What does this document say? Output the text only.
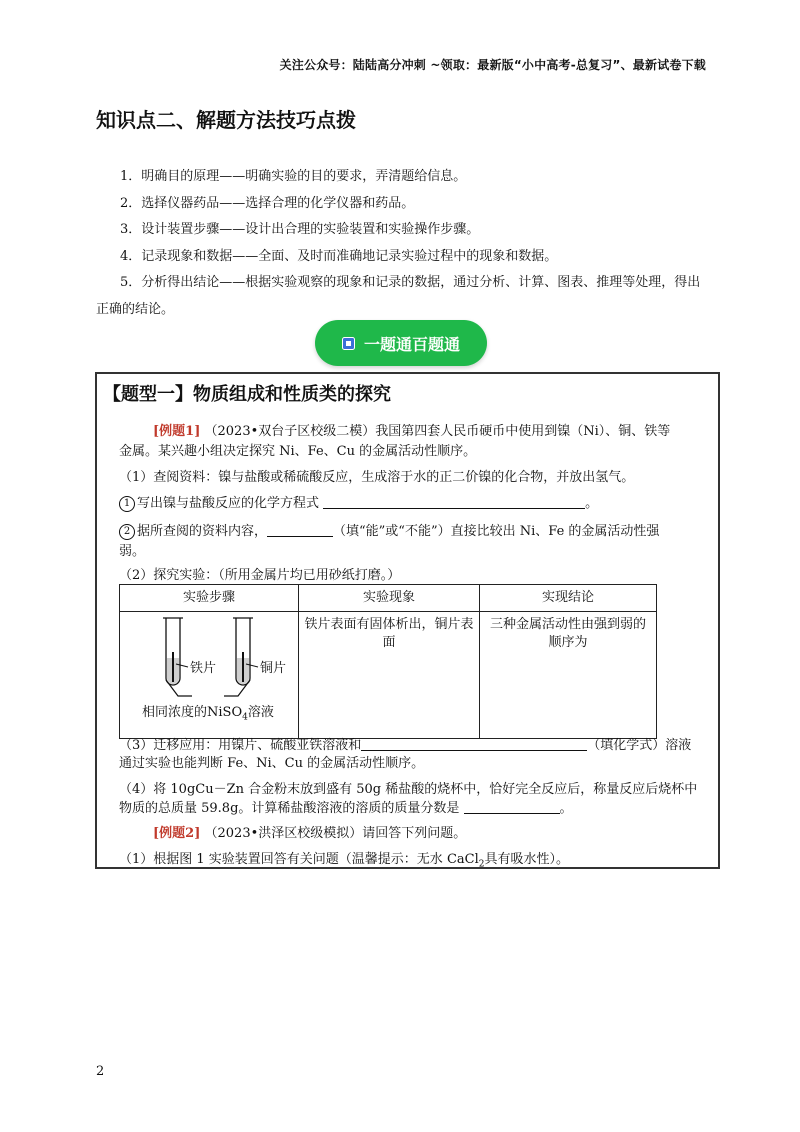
关注公众号：陆陆高分冲刺 ~领取：最新版“小中高考-总复习”、最新试卷下载
知识点二、解题方法技巧点拨

1．明确目的原理——明确实验的目的要求，弄清题给信息。

2．选择仪器药品——选择合理的化学仪器和药品。

3．设计装置步骤——设计出合理的实验装置和实验操作步骤。

4．记录现象和数据——全面、及时而准确地记录实验过程中的现象和数据。

5．分析得出结论——根据实验观察的现象和记录的数据，通过分析、计算、图表、推理等处理，得出正确的结论。

一题通百题通
【题型一】物质组成和性质类的探究
[例题1] （2023•双台子区校级二模）我国第四套人民币硬币中使用到镍（Ni）、铜、铁等
金属。某兴趣小组决定探究 Ni、Fe、Cu 的金属活动性顺序。
（1）查阅资料：镍与盐酸或稀硫酸反应，生成溶于水的正二价镍的化合物，并放出氢气。
1 写出镍与盐酸反应的化学方程式	。
2 据所查阅的资料内容，	（填“能”或“不能”）直接比较出 Ni、Fe 的金属活动性强
弱。
（2）探究实验：（所用金属片均已用砂纸打磨。）
实验步骤	实验现象	实现结论

铁片 铜片
相同浓度的NiSO$_4$溶液	铁片表面有固体析出，铜片表面	三种金属活动性由强到弱的顺序为
（3）迁移应用：用镍片、硫酸亚铁溶液和	（填化学式）溶液
通过实验也能判断 Fe、Ni、Cu 的金属活动性顺序。
（4）将 10gCu－Zn 合金粉末放到盛有 50g 稀盐酸的烧杯中，恰好完全反应后，称量反应后烧杯中
物质的总质量 59.8g。计算稀盐酸溶液的溶质的质量分数是	。
[例题2] （2023•洪泽区校级模拟）请回答下列问题。
（1）根据图 1 实验装置回答有关问题（温馨提示：无水 CaCl$_2$具有吸水性）。
2
